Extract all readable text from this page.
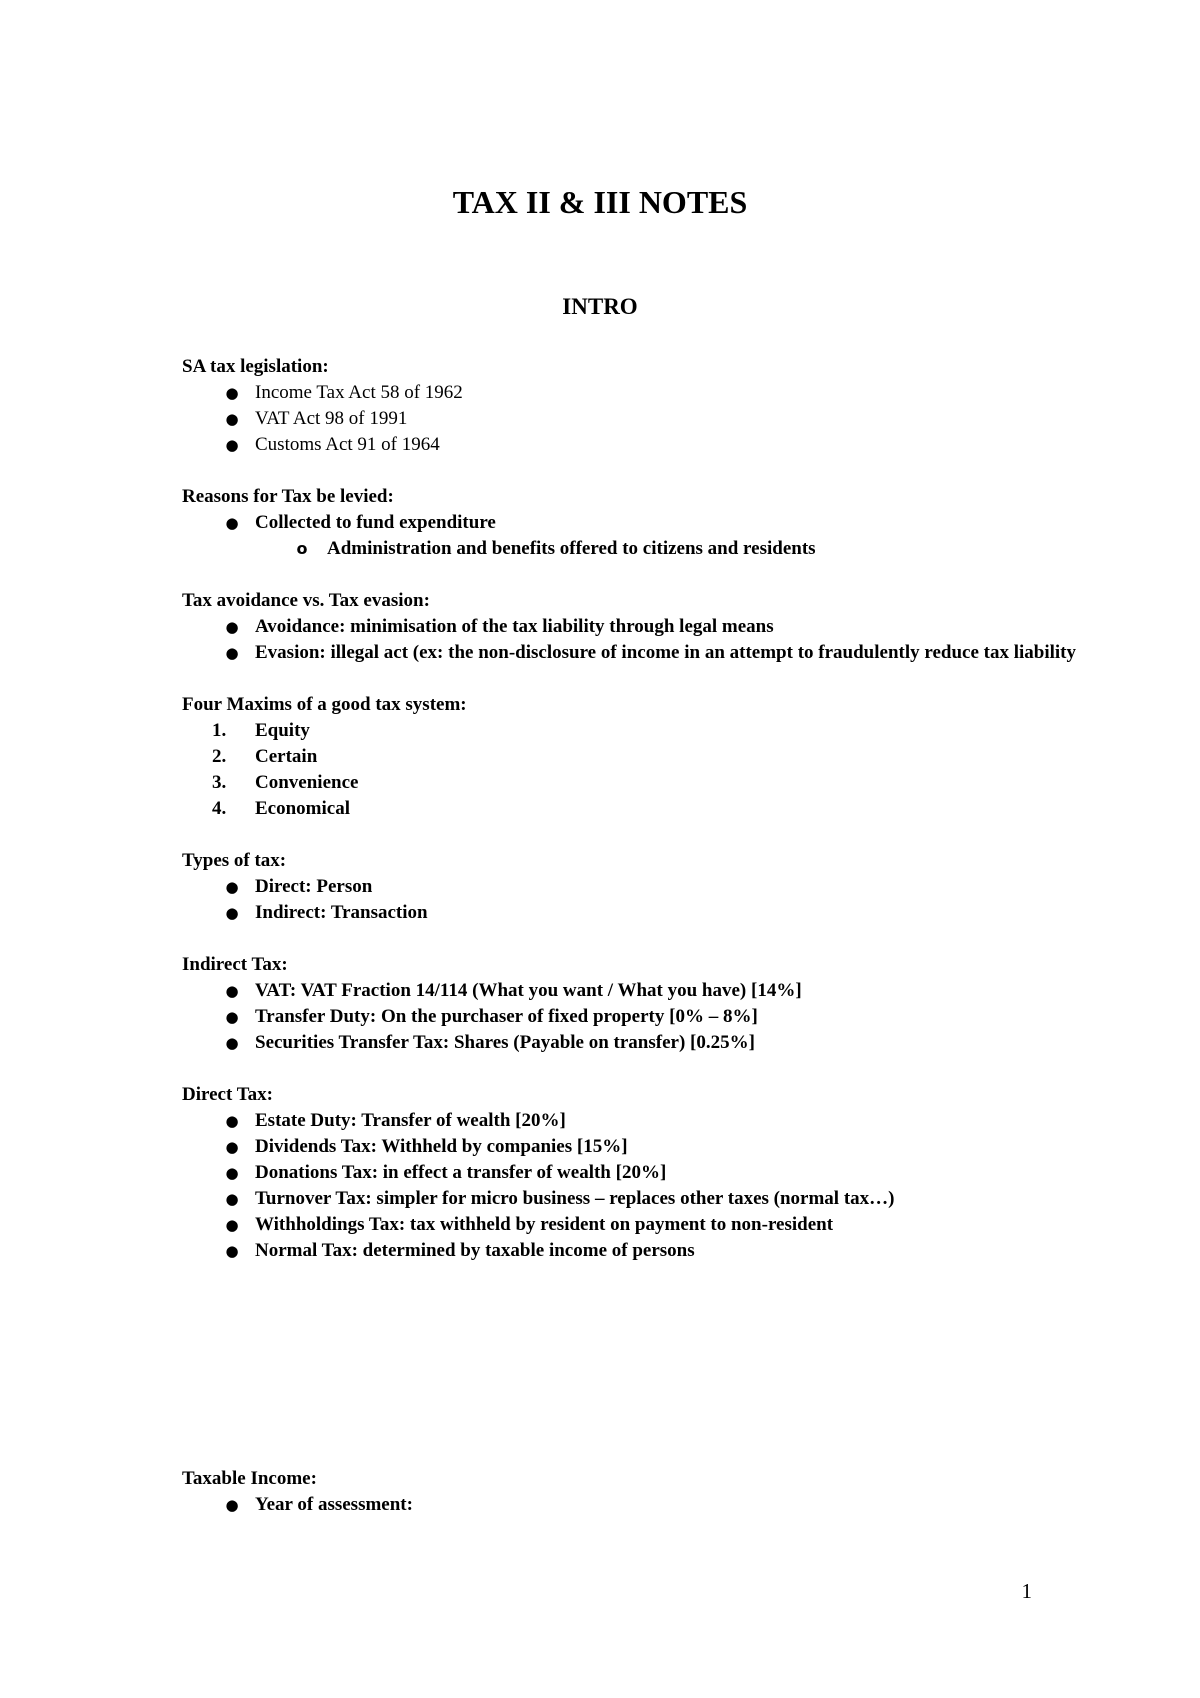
TAX II & III NOTES
INTRO

SA tax legislation:

● Income Tax Act 58 of 1962
● VAT Act 98 of 1991
● Customs Act 91 of 1964

Reasons for Tax be levied:

● Collected to fund expenditure
o Administration and benefits offered to citizens and residents

Tax avoidance vs. Tax evasion:

● Avoidance: minimisation of the tax liability through legal means
● Evasion: illegal act (ex: the non-disclosure of income in an attempt to fraudulently reduce tax liability

Four Maxims of a good tax system:

1.	Equity
2.	Certain
3.	Convenience
4.	Economical

Types of tax:

● Direct: Person
● Indirect: Transaction

Indirect Tax:

● VAT: VAT Fraction 14/114 (What you want / What you have) [14%]
● Transfer Duty: On the purchaser of fixed property [0% – 8%]
● Securities Transfer Tax: Shares (Payable on transfer) [0.25%]

Direct Tax:

● Estate Duty: Transfer of wealth [20%]
● Dividends Tax: Withheld by companies [15%]
● Donations Tax: in effect a transfer of wealth [20%]
● Turnover Tax: simpler for micro business – replaces other taxes (normal tax…)
● Withholdings Tax: tax withheld by resident on payment to non-resident
● Normal Tax: determined by taxable income of persons

Taxable Income:

● Year of assessment:
1
